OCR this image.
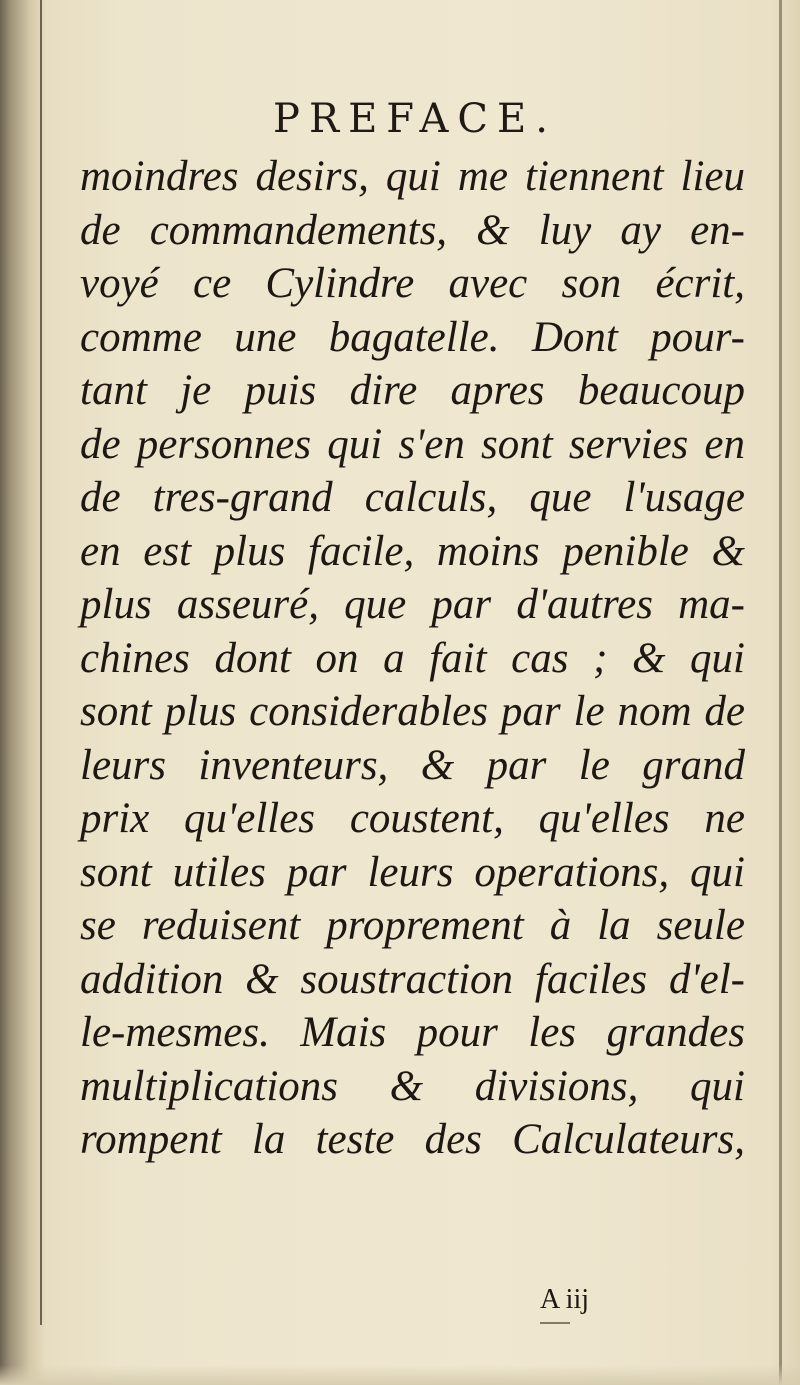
PREFACE.
moindres desirs, qui me tiennent lieu
de commandements, & luy ay en-
voyé ce Cylindre avec son écrit,
comme une bagatelle. Dont pour-
tant je puis dire apres beaucoup
de personnes qui s'en sont servies en
de tres-grand calculs, que l'usage
en est plus facile, moins penible &
plus asseuré, que par d'autres ma-
chines dont on a fait cas ; & qui
sont plus considerables par le nom de
leurs inventeurs, & par le grand
prix qu'elles coustent, qu'elles ne
sont utiles par leurs operations, qui
se reduisent proprement à la seule
addition & soustraction faciles d'el-
le-mesmes. Mais pour les grandes
multiplications & divisions, qui
rompent la teste des Calculateurs,
A iij
